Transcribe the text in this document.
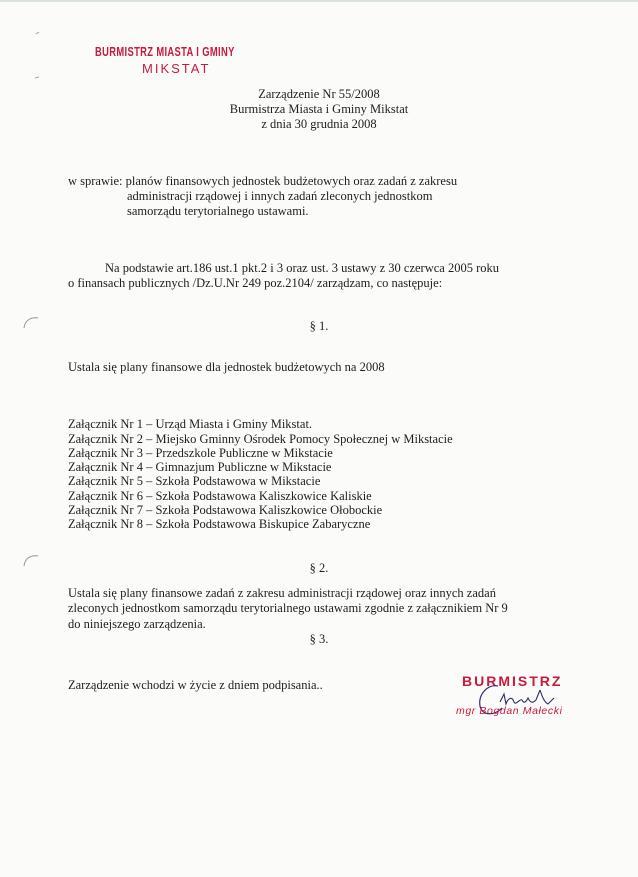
BURMISTRZ MIASTA I GMINY
MIKSTAT
Zarządzenie Nr 55/2008
Burmistrza Miasta i Gminy Mikstat
z dnia 30 grudnia 2008
w sprawie: planów finansowych jednostek budżetowych oraz zadań z zakresu
administracji rządowej i innych zadań zleconych jednostkom
samorządu terytorialnego ustawami.
Na podstawie art.186 ust.1 pkt.2 i 3 oraz ust. 3 ustawy z 30 czerwca 2005 roku
o finansach publicznych /Dz.U.Nr 249 poz.2104/ zarządzam, co następuje:
§ 1.
Ustala się plany finansowe dla jednostek budżetowych na 2008
Załącznik Nr 1 – Urząd Miasta i Gminy Mikstat.
Załącznik Nr 2 – Miejsko Gminny Ośrodek Pomocy Społecznej w Mikstacie
Załącznik Nr 3 – Przedszkole Publiczne w Mikstacie
Załącznik Nr 4 – Gimnazjum Publiczne w Mikstacie
Załącznik Nr 5 – Szkoła Podstawowa w Mikstacie
Załącznik Nr 6 – Szkoła Podstawowa Kaliszkowice Kaliskie
Załącznik Nr 7 – Szkoła Podstawowa Kaliszkowice Ołobockie
Załącznik Nr 8 – Szkoła Podstawowa Biskupice Zabaryczne
§ 2.
Ustala się plany finansowe zadań z zakresu administracji rządowej oraz innych zadań
zleconych jednostkom samorządu terytorialnego ustawami zgodnie z załącznikiem Nr 9
do niniejszego zarządzenia.
§ 3.
Zarządzenie wchodzi w życie z dniem podpisania..	BURMISTRZ
mgr Bogdan Małecki
